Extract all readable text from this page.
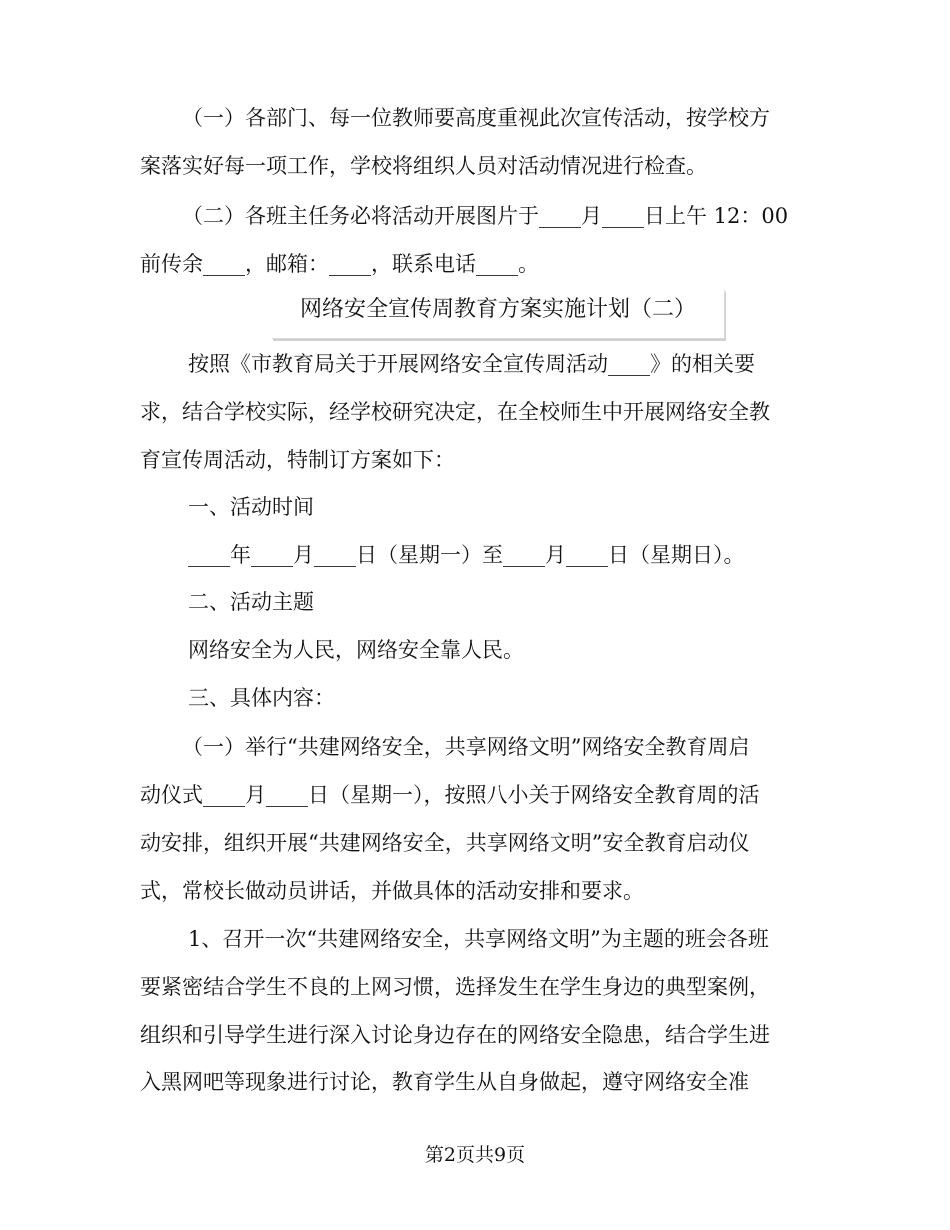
（一）各部门、每一位教师要高度重视此次宣传活动，按学校方

案落实好每一项工作，学校将组织人员对活动情况进行检查。

（二）各班主任务必将活动开展图片于____月____日上午 12：00

前传余____，邮箱：____，联系电话____。

网络安全宣传周教育方案实施计划（二）

按照《市教育局关于开展网络安全宣传周活动____》的相关要

求，结合学校实际，经学校研究决定，在全校师生中开展网络安全教

育宣传周活动，特制订方案如下：

一、活动时间

____年____月____日（星期一）至____月____日（星期日）。

二、活动主题

网络安全为人民，网络安全靠人民。

三、具体内容：

（一）举行“共建网络安全，共享网络文明”网络安全教育周启

动仪式____月____日（星期一），按照八小关于网络安全教育周的活

动安排，组织开展“共建网络安全，共享网络文明”安全教育启动仪

式，常校长做动员讲话，并做具体的活动安排和要求。

1、召开一次“共建网络安全，共享网络文明”为主题的班会各班

要紧密结合学生不良的上网习惯，选择发生在学生身边的典型案例，

组织和引导学生进行深入讨论身边存在的网络安全隐患，结合学生进

入黑网吧等现象进行讨论，教育学生从自身做起，遵守网络安全准

第2页共9页
